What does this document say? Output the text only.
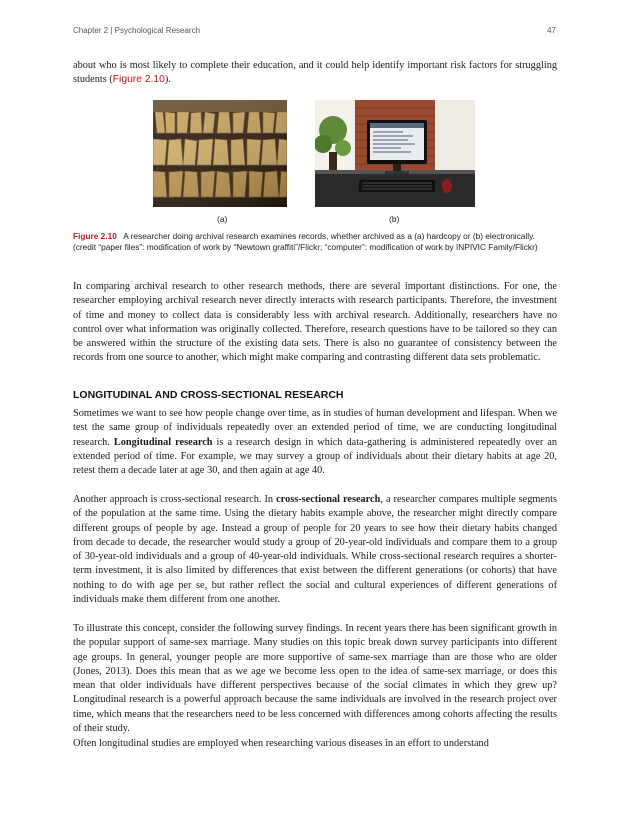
Chapter 2 | Psychological Research	47

about who is most likely to complete their education, and it could help identify important risk factors for struggling students (Figure 2.10).

(a)	(b)

Figure 2.10 A researcher doing archival research examines records, whether archived as a (a) hardcopy or (b) electronically. (credit “paper files”: modification of work by “Newtown graffiti”/Flickr; “computer”: modification of work by INPIVIC Family/Flickr)

In comparing archival research to other research methods, there are several important distinctions. For one, the researcher employing archival research never directly interacts with research participants. Therefore, the investment of time and money to collect data is considerably less with archival research. Additionally, researchers have no control over what information was originally collected. Therefore, research questions have to be tailored so they can be answered within the structure of the existing data sets. There is also no guarantee of consistency between the records from one source to another, which might make comparing and contrasting different data sets problematic.

LONGITUDINAL AND CROSS-SECTIONAL RESEARCH

Sometimes we want to see how people change over time, as in studies of human development and lifespan. When we test the same group of individuals repeatedly over an extended period of time, we are conducting longitudinal research. Longitudinal research is a research design in which data-gathering is administered repeatedly over an extended period of time. For example, we may survey a group of individuals about their dietary habits at age 20, retest them a decade later at age 30, and then again at age 40.

Another approach is cross-sectional research. In cross-sectional research, a researcher compares multiple segments of the population at the same time. Using the dietary habits example above, the researcher might directly compare different groups of people by age. Instead a group of people for 20 years to see how their dietary habits changed from decade to decade, the researcher would study a group of 20-year-old individuals and compare them to a group of 30-year-old individuals and a group of 40-year-old individuals. While cross-sectional research requires a shorter-term investment, it is also limited by differences that exist between the different generations (or cohorts) that have nothing to do with age per se, but rather reflect the social and cultural experiences of different generations of individuals make them different from one another.

To illustrate this concept, consider the following survey findings. In recent years there has been significant growth in the popular support of same-sex marriage. Many studies on this topic break down survey participants into different age groups. In general, younger people are more supportive of same-sex marriage than are those who are older (Jones, 2013). Does this mean that as we age we become less open to the idea of same-sex marriage, or does this mean that older individuals have different perspectives because of the social climates in which they grew up? Longitudinal research is a powerful approach because the same individuals are involved in the research project over time, which means that the researchers need to be less concerned with differences among cohorts affecting the results of their study.

Often longitudinal studies are employed when researching various diseases in an effort to understand
